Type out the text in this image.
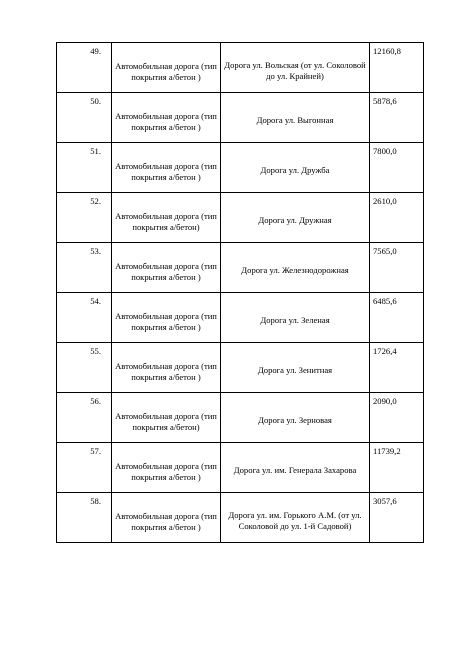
49.	Автомобильная дорога (тип покрытия а/бетон )	Дорога ул. Вольская (от ул. Соколовой до ул. Крайней)	12160,8

50.	Автомобильная дорога (тип покрытия а/бетон )	Дорога ул. Выгонная	5878,6

51.	Автомобильная дорога (тип покрытия а/бетон )	Дорога ул. Дружба	7800,0

52.	Автомобильная дорога (тип покрытия а/бетон)	Дорога ул. Дружная	2610,0

53.	Автомобильная дорога (тип покрытия а/бетон )	Дорога ул. Железнодорожная	7565,0

54.	Автомобильная дорога (тип покрытия а/бетон )	Дорога ул. Зеленая	6485,6

55.	Автомобильная дорога (тип покрытия а/бетон )	Дорога ул. Зенитная	1726,4

56.	Автомобильная дорога (тип покрытия а/бетон)	Дорога ул. Зерновая	2090,0

57.	Автомобильная дорога (тип покрытия а/бетон )	Дорога ул. им. Генерала Захарова	11739,2

58.	Автомобильная дорога (тип покрытия а/бетон )	Дорога ул. им. Горького А.М. (от ул. Соколовой до ул. 1-й Садовой)	3057,6
